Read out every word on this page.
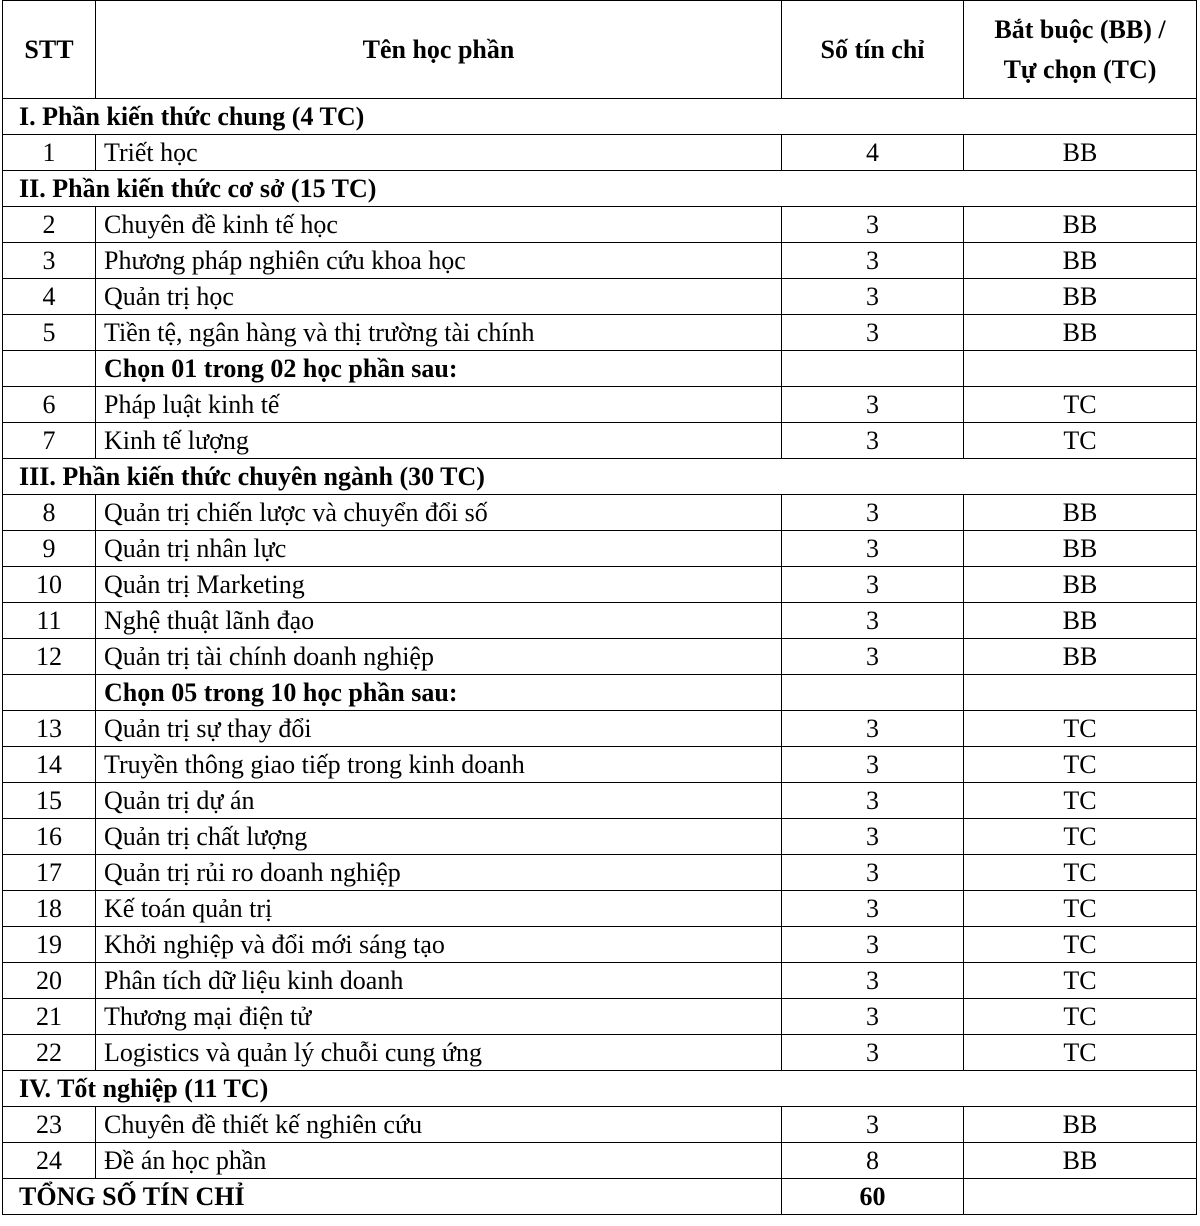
STT	Tên học phần	Số tín chỉ	Bắt buộc (BB) /
Tự chọn (TC)

I. Phần kiến thức chung (4 TC)			
1	Triết học	4	BB
II. Phần kiến thức cơ sở (15 TC)			
2	Chuyên đề kinh tế học	3	BB
3	Phương pháp nghiên cứu khoa học	3	BB
4	Quản trị học	3	BB
5	Tiền tệ, ngân hàng và thị trường tài chính	3	BB
	Chọn 01 trong 02 học phần sau:		
6	Pháp luật kinh tế	3	TC
7	Kinh tế lượng	3	TC
III. Phần kiến thức chuyên ngành (30 TC)			
8	Quản trị chiến lược và chuyển đổi số	3	BB
9	Quản trị nhân lực	3	BB
10	Quản trị Marketing	3	BB
11	Nghệ thuật lãnh đạo	3	BB
12	Quản trị tài chính doanh nghiệp	3	BB
	Chọn 05 trong 10 học phần sau:		
13	Quản trị sự thay đổi	3	TC
14	Truyền thông giao tiếp trong kinh doanh	3	TC
15	Quản trị dự án	3	TC
16	Quản trị chất lượng	3	TC
17	Quản trị rủi ro doanh nghiệp	3	TC
18	Kế toán quản trị	3	TC
19	Khởi nghiệp và đổi mới sáng tạo	3	TC
20	Phân tích dữ liệu kinh doanh	3	TC
21	Thương mại điện tử	3	TC
22	Logistics và quản lý chuỗi cung ứng	3	TC
IV. Tốt nghiệp (11 TC)			
23	Chuyên đề thiết kế nghiên cứu	3	BB
24	Đề án học phần	8	BB
TỔNG SỐ TÍN CHỈ		60	
